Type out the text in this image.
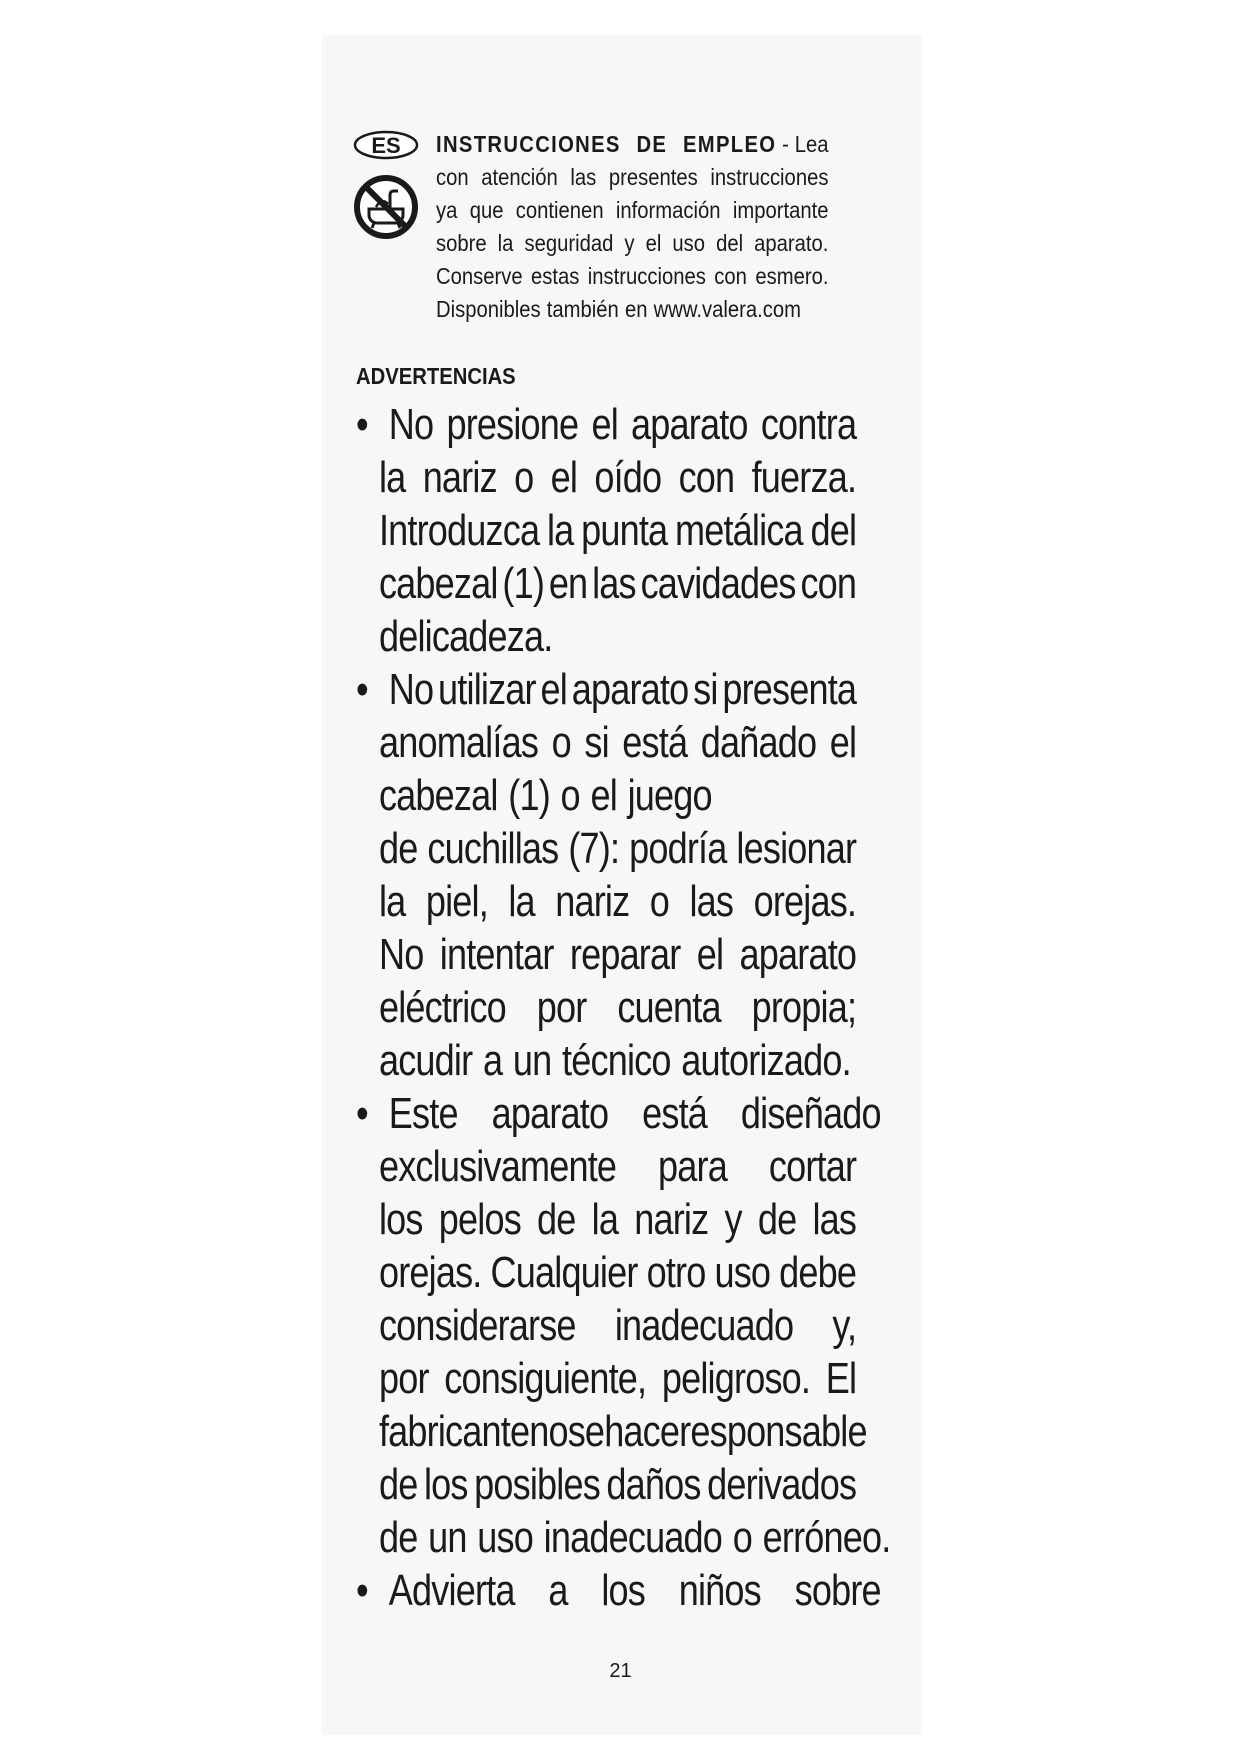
ES INSTRUCCIONES DE EMPLEO - Lea
con atención las presentes instrucciones
ya que contienen información importante
sobre la seguridad y el uso del aparato.
Conserve estas instrucciones con esmero.
Disponibles también en www.valera.com
ADVERTENCIAS
• No presione el aparato contra
la nariz o el oído con fuerza.
Introduzca la punta metálica del
cabezal (1) en las cavidades con
delicadeza.
• No utilizar el aparato si presenta
anomalías o si está dañado el
cabezal (1) o el juego
de cuchillas (7): podría lesionar
la piel, la nariz o las orejas.
No intentar reparar el aparato
eléctrico por cuenta propia;
acudir a un técnico autorizado.
• Este aparato está diseñado
exclusivamente para cortar
los pelos de la nariz y de las
orejas. Cualquier otro uso debe
considerarse inadecuado y,
por consiguiente, peligroso. El
fabricante no se hace responsable
de los posibles daños derivados
de un uso inadecuado o erróneo.
• Advierta a los niños sobre
21
